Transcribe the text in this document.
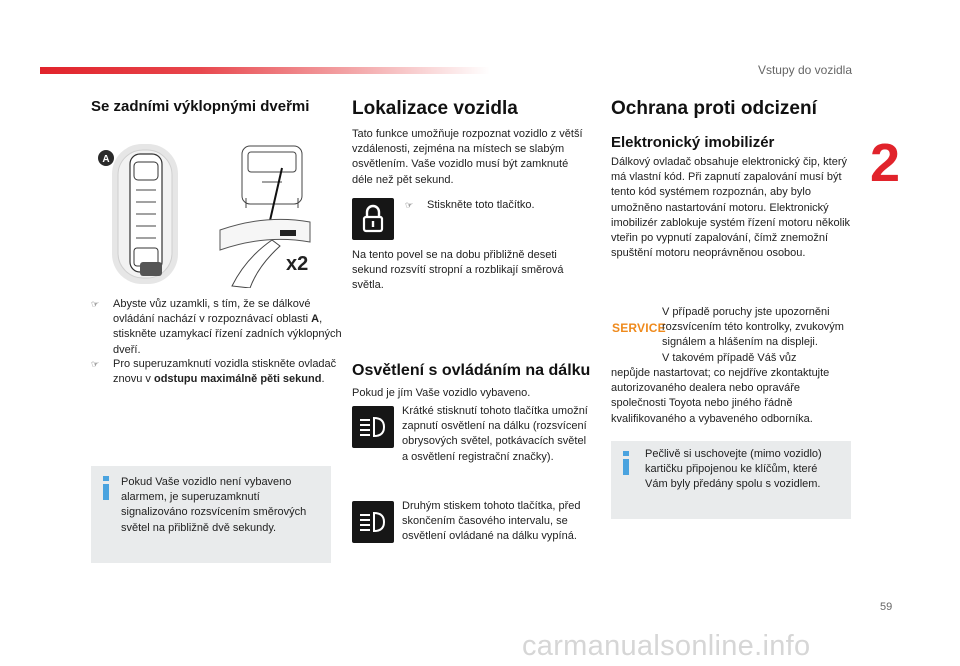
Vstupy do vozidla
2
Se zadními výklopnými dveřmi
A
x2
☞ Abyste vůz uzamkli, s tím, že se dálkové ovládání nachází v rozpoznávací oblasti A, stiskněte uzamykací řízení zadních výklopných dveří.
☞ Pro superuzamknutí vozidla stiskněte ovladač znovu v odstupu maximálně pěti sekund.
Pokud Vaše vozidlo není vybaveno alarmem, je superuzamknutí signalizováno rozsvícením směrových světel na přibližně dvě sekundy.
Lokalizace vozidla
Tato funkce umožňuje rozpoznat vozidlo z větší vzdálenosti, zejména na místech se slabým osvětlením. Vaše vozidlo musí být zamknuté déle než pět sekund.
☞ Stiskněte toto tlačítko.
Na tento povel se na dobu přibližně deseti sekund rozsvítí stropní a rozblikají směrová světla.
Osvětlení s ovládáním na dálku
Pokud je jím Vaše vozidlo vybaveno.
Krátké stisknutí tohoto tlačítka umožní zapnutí osvětlení na dálku (rozsvícení obrysových světel, potkávacích světel a osvětlení registrační značky).
Druhým stiskem tohoto tlačítka, před skončením časového intervalu, se osvětlení ovládané na dálku vypíná.
Ochrana proti odcizení
Elektronický imobilizér
Dálkový ovladač obsahuje elektronický čip, který má vlastní kód. Při zapnutí zapalování musí být tento kód systémem rozpoznán, aby bylo umožněno nastartování motoru. Elektronický imobilizér zablokuje systém řízení motoru několik vteřin po vypnutí zapalování, čímž znemožní spuštění motoru neoprávněnou osobou.
SERVICE
V případě poruchy jste upozorněni rozsvícením této kontrolky, zvukovým signálem a hlášením na displeji.
V takovém případě Váš vůz
nepůjde nastartovat; co nejdříve zkontaktujte autorizovaného dealera nebo opraváře společnosti Toyota nebo jiného řádně kvalifikovaného a vybaveného odborníka.
Pečlivě si uschovejte (mimo vozidlo) kartičku připojenou ke klíčům, které Vám byly předány spolu s vozidlem.
59
carmanualsonline.info
